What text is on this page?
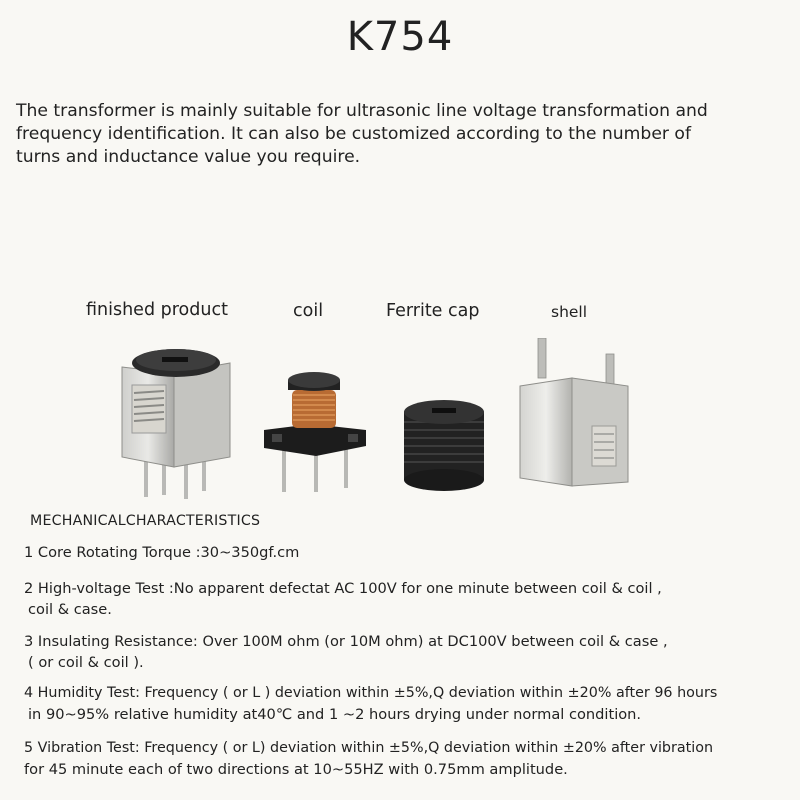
K754
The transformer is mainly suitable for ultrasonic line voltage transformation and
frequency identification. It can also be customized according to the number of
turns and inductance value you require.
finished product	coil	Ferrite cap	shell
MECHANICALCHARACTERISTICS
1 Core Rotating Torque :30~350gf.cm
2 High-voltage Test :No apparent defectat AC 100V for one minute between coil & coil ,
coil & case.
3 Insulating Resistance: Over 100M ohm (or 10M ohm) at DC100V between coil & case ,
( or coil & coil ).
4 Humidity Test: Frequency ( or L ) deviation within ±5%,Q deviation within ±20% after 96 hours
in 90~95% relative humidity at40℃ and 1 ~2 hours drying under normal condition.
5 Vibration Test: Frequency ( or L) deviation within ±5%,Q deviation within ±20% after vibration
for 45 minute each of two directions at 10~55HZ with 0.75mm amplitude.
